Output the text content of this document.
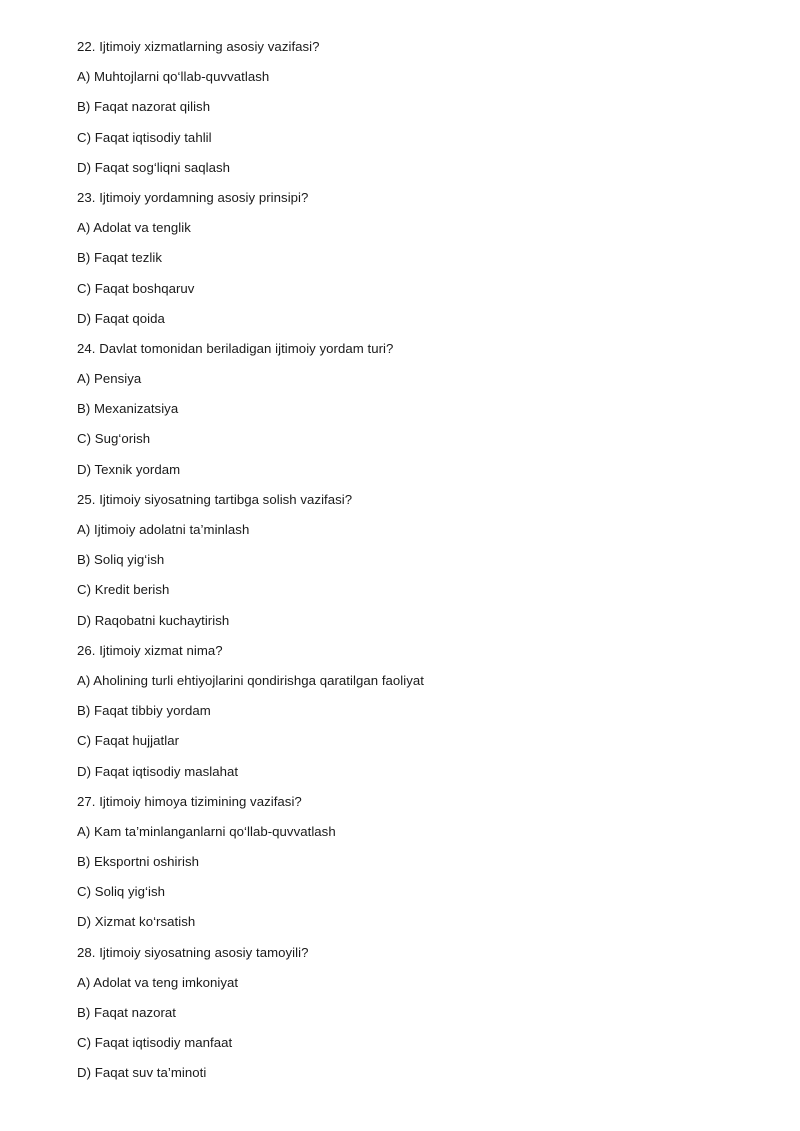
22. Ijtimoiy xizmatlarning asosiy vazifasi?
A) Muhtojlarni qo‘llab-quvvatlash
B) Faqat nazorat qilish
C) Faqat iqtisodiy tahlil
D) Faqat sog‘liqni saqlash
23. Ijtimoiy yordamning asosiy prinsipi?
A) Adolat va tenglik
B) Faqat tezlik
C) Faqat boshqaruv
D) Faqat qoida
24. Davlat tomonidan beriladigan ijtimoiy yordam turi?
A) Pensiya
B) Mexanizatsiya
C) Sug‘orish
D) Texnik yordam
25. Ijtimoiy siyosatning tartibga solish vazifasi?
A) Ijtimoiy adolatni ta’minlash
B) Soliq yig‘ish
C) Kredit berish
D) Raqobatni kuchaytirish
26. Ijtimoiy xizmat nima?
A) Aholining turli ehtiyojlarini qondirishga qaratilgan faoliyat
B) Faqat tibbiy yordam
C) Faqat hujjatlar
D) Faqat iqtisodiy maslahat
27. Ijtimoiy himoya tizimining vazifasi?
A) Kam ta’minlanganlarni qo‘llab-quvvatlash
B) Eksportni oshirish
C) Soliq yig‘ish
D) Xizmat ko‘rsatish
28. Ijtimoiy siyosatning asosiy tamoyili?
A) Adolat va teng imkoniyat
B) Faqat nazorat
C) Faqat iqtisodiy manfaat
D) Faqat suv ta’minoti
